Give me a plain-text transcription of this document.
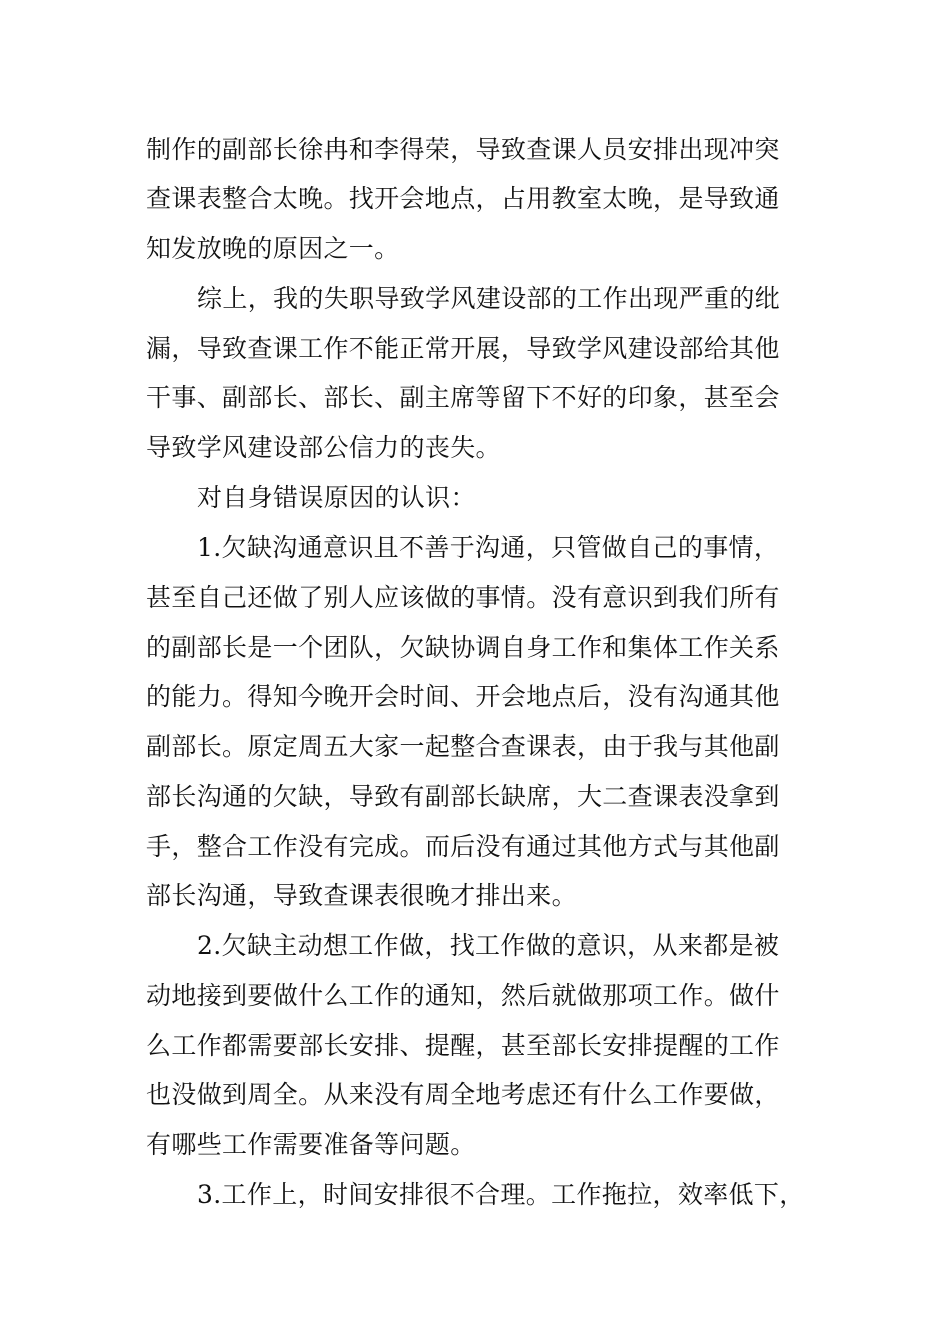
制作的副部长徐冉和李得荣，导致查课人员安排出现冲突
查课表整合太晚。找开会地点，占用教室太晚，是导致通
知发放晚的原因之一。
综上，我的失职导致学风建设部的工作出现严重的纰
漏，导致查课工作不能正常开展，导致学风建设部给其他
干事、副部长、部长、副主席等留下不好的印象，甚至会
导致学风建设部公信力的丧失。
对自身错误原因的认识：
1.欠缺沟通意识且不善于沟通，只管做自己的事情，
甚至自己还做了别人应该做的事情。没有意识到我们所有
的副部长是一个团队，欠缺协调自身工作和集体工作关系
的能力。得知今晚开会时间、开会地点后，没有沟通其他
副部长。原定周五大家一起整合查课表，由于我与其他副
部长沟通的欠缺，导致有副部长缺席，大二查课表没拿到
手，整合工作没有完成。而后没有通过其他方式与其他副
部长沟通，导致查课表很晚才排出来。
2.欠缺主动想工作做，找工作做的意识，从来都是被
动地接到要做什么工作的通知，然后就做那项工作。做什
么工作都需要部长安排、提醒，甚至部长安排提醒的工作
也没做到周全。从来没有周全地考虑还有什么工作要做，
有哪些工作需要准备等问题。
3.工作上，时间安排很不合理。工作拖拉，效率低下，
